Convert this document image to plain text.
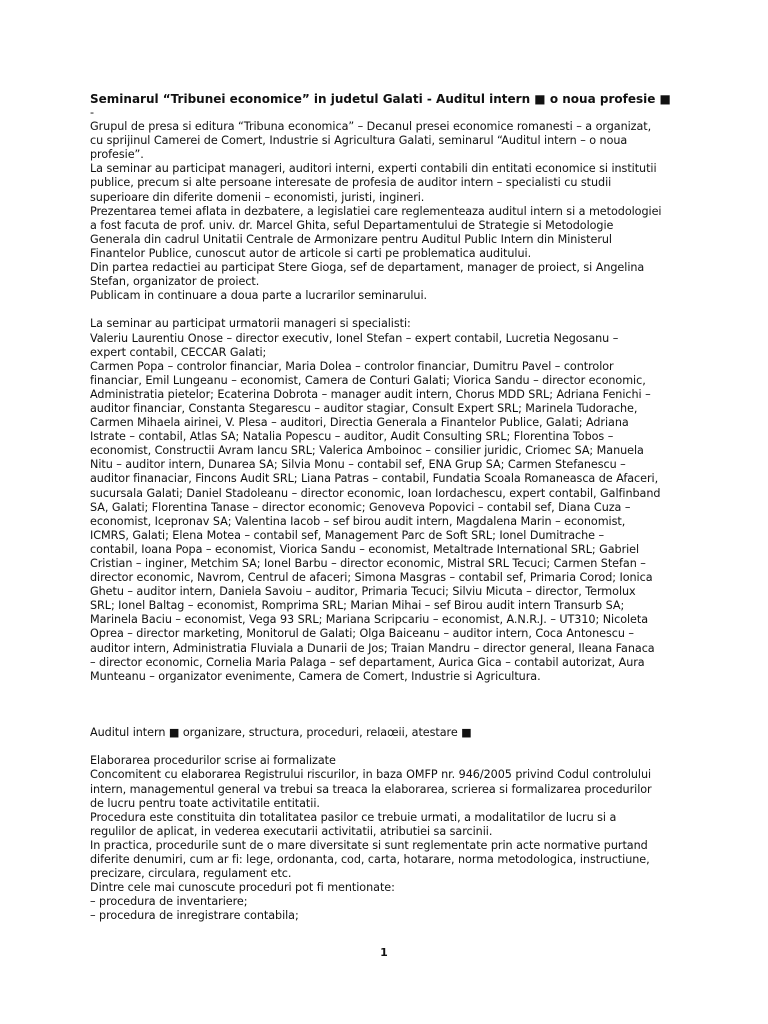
Seminarul “Tribunei economice” in judetul Galati - Auditul intern ■ o noua profesie ■

-

Grupul de presa si editura “Tribuna economica” – Decanul presei economice romanesti – a organizat,

cu sprijinul Camerei de Comert, Industrie si Agricultura Galati, seminarul “Auditul intern – o noua

profesie”.

La seminar au participat manageri, auditori interni, experti contabili din entitati economice si institutii

publice, precum si alte persoane interesate de profesia de auditor intern – specialisti cu studii

superioare din diferite domenii – economisti, juristi, ingineri.

Prezentarea temei aflata in dezbatere, a legislatiei care reglementeaza auditul intern si a metodologiei

a fost facuta de prof. univ. dr. Marcel Ghita, seful Departamentului de Strategie si Metodologie

Generala din cadrul Unitatii Centrale de Armonizare pentru Auditul Public Intern din Ministerul

Finantelor Publice, cunoscut autor de articole si carti pe problematica auditului.

Din partea redactiei au participat Stere Gioga, sef de departament, manager de proiect, si Angelina

Stefan, organizator de proiect.

Publicam in continuare a doua parte a lucrarilor seminarului.

La seminar au participat urmatorii manageri si specialisti:

Valeriu Laurentiu Onose – director executiv, Ionel Stefan – expert contabil, Lucretia Negosanu –

expert contabil, CECCAR Galati;

Carmen Popa – controlor financiar, Maria Dolea – controlor financiar, Dumitru Pavel – controlor

financiar, Emil Lungeanu – economist, Camera de Conturi Galati; Viorica Sandu – director economic,

Administratia pietelor; Ecaterina Dobrota – manager audit intern, Chorus MDD SRL; Adriana Fenichi –

auditor financiar, Constanta Stegarescu – auditor stagiar, Consult Expert SRL; Marinela Tudorache,

Carmen Mihaela airinei, V. Plesa – auditori, Directia Generala a Finantelor Publice, Galati; Adriana

Istrate – contabil, Atlas SA; Natalia Popescu – auditor, Audit Consulting SRL; Florentina Tobos –

economist, Constructii Avram Iancu SRL; Valerica Amboinoc – consilier juridic, Criomec SA; Manuela

Nitu – auditor intern, Dunarea SA; Silvia Monu – contabil sef, ENA Grup SA; Carmen Stefanescu –

auditor finanaciar, Fincons Audit SRL; Liana Patras – contabil, Fundatia Scoala Romaneasca de Afaceri,

sucursala Galati; Daniel Stadoleanu – director economic, Ioan Iordachescu, expert contabil, Galfinband

SA, Galati; Florentina Tanase – director economic; Genoveva Popovici – contabil sef, Diana Cuza –

economist, Icepronav SA; Valentina Iacob – sef birou audit intern, Magdalena Marin – economist,

ICMRS, Galati; Elena Motea – contabil sef, Management Parc de Soft SRL; Ionel Dumitrache –

contabil, Ioana Popa – economist, Viorica Sandu – economist, Metaltrade International SRL; Gabriel

Cristian – inginer, Metchim SA; Ionel Barbu – director economic, Mistral SRL Tecuci; Carmen Stefan –

director economic, Navrom, Centrul de afaceri; Simona Masgras – contabil sef, Primaria Corod; Ionica

Ghetu – auditor intern, Daniela Savoiu – auditor, Primaria Tecuci; Silviu Micuta – director, Termolux

SRL; Ionel Baltag – economist, Romprima SRL; Marian Mihai – sef Birou audit intern Transurb SA;

Marinela Baciu – economist, Vega 93 SRL; Mariana Scripcariu – economist, A.N.R.J. – UT310; Nicoleta

Oprea – director marketing, Monitorul de Galati; Olga Baiceanu – auditor intern, Coca Antonescu –

auditor intern, Administratia Fluviala a Dunarii de Jos; Traian Mandru – director general, Ileana Fanaca

– director economic, Cornelia Maria Palaga – sef departament, Aurica Gica – contabil autorizat, Aura

Munteanu – organizator evenimente, Camera de Comert, Industrie si Agricultura.

Auditul intern ■ organizare, structura, proceduri, relaœii, atestare ■

Elaborarea procedurilor scrise ai formalizate

Concomitent cu elaborarea Registrului riscurilor, in baza OMFP nr. 946/2005 privind Codul controlului

intern, managementul general va trebui sa treaca la elaborarea, scrierea si formalizarea procedurilor

de lucru pentru toate activitatile entitatii.

Procedura este constituita din totalitatea pasilor ce trebuie urmati, a modalitatilor de lucru si a

regulilor de aplicat, in vederea executarii activitatii, atributiei sa sarcinii.

In practica, procedurile sunt de o mare diversitate si sunt reglementate prin acte normative purtand

diferite denumiri, cum ar fi: lege, ordonanta, cod, carta, hotarare, norma metodologica, instructiune,

precizare, circulara, regulament etc.

Dintre cele mai cunoscute proceduri pot fi mentionate:

– procedura de inventariere;

– procedura de inregistrare contabila;

1
